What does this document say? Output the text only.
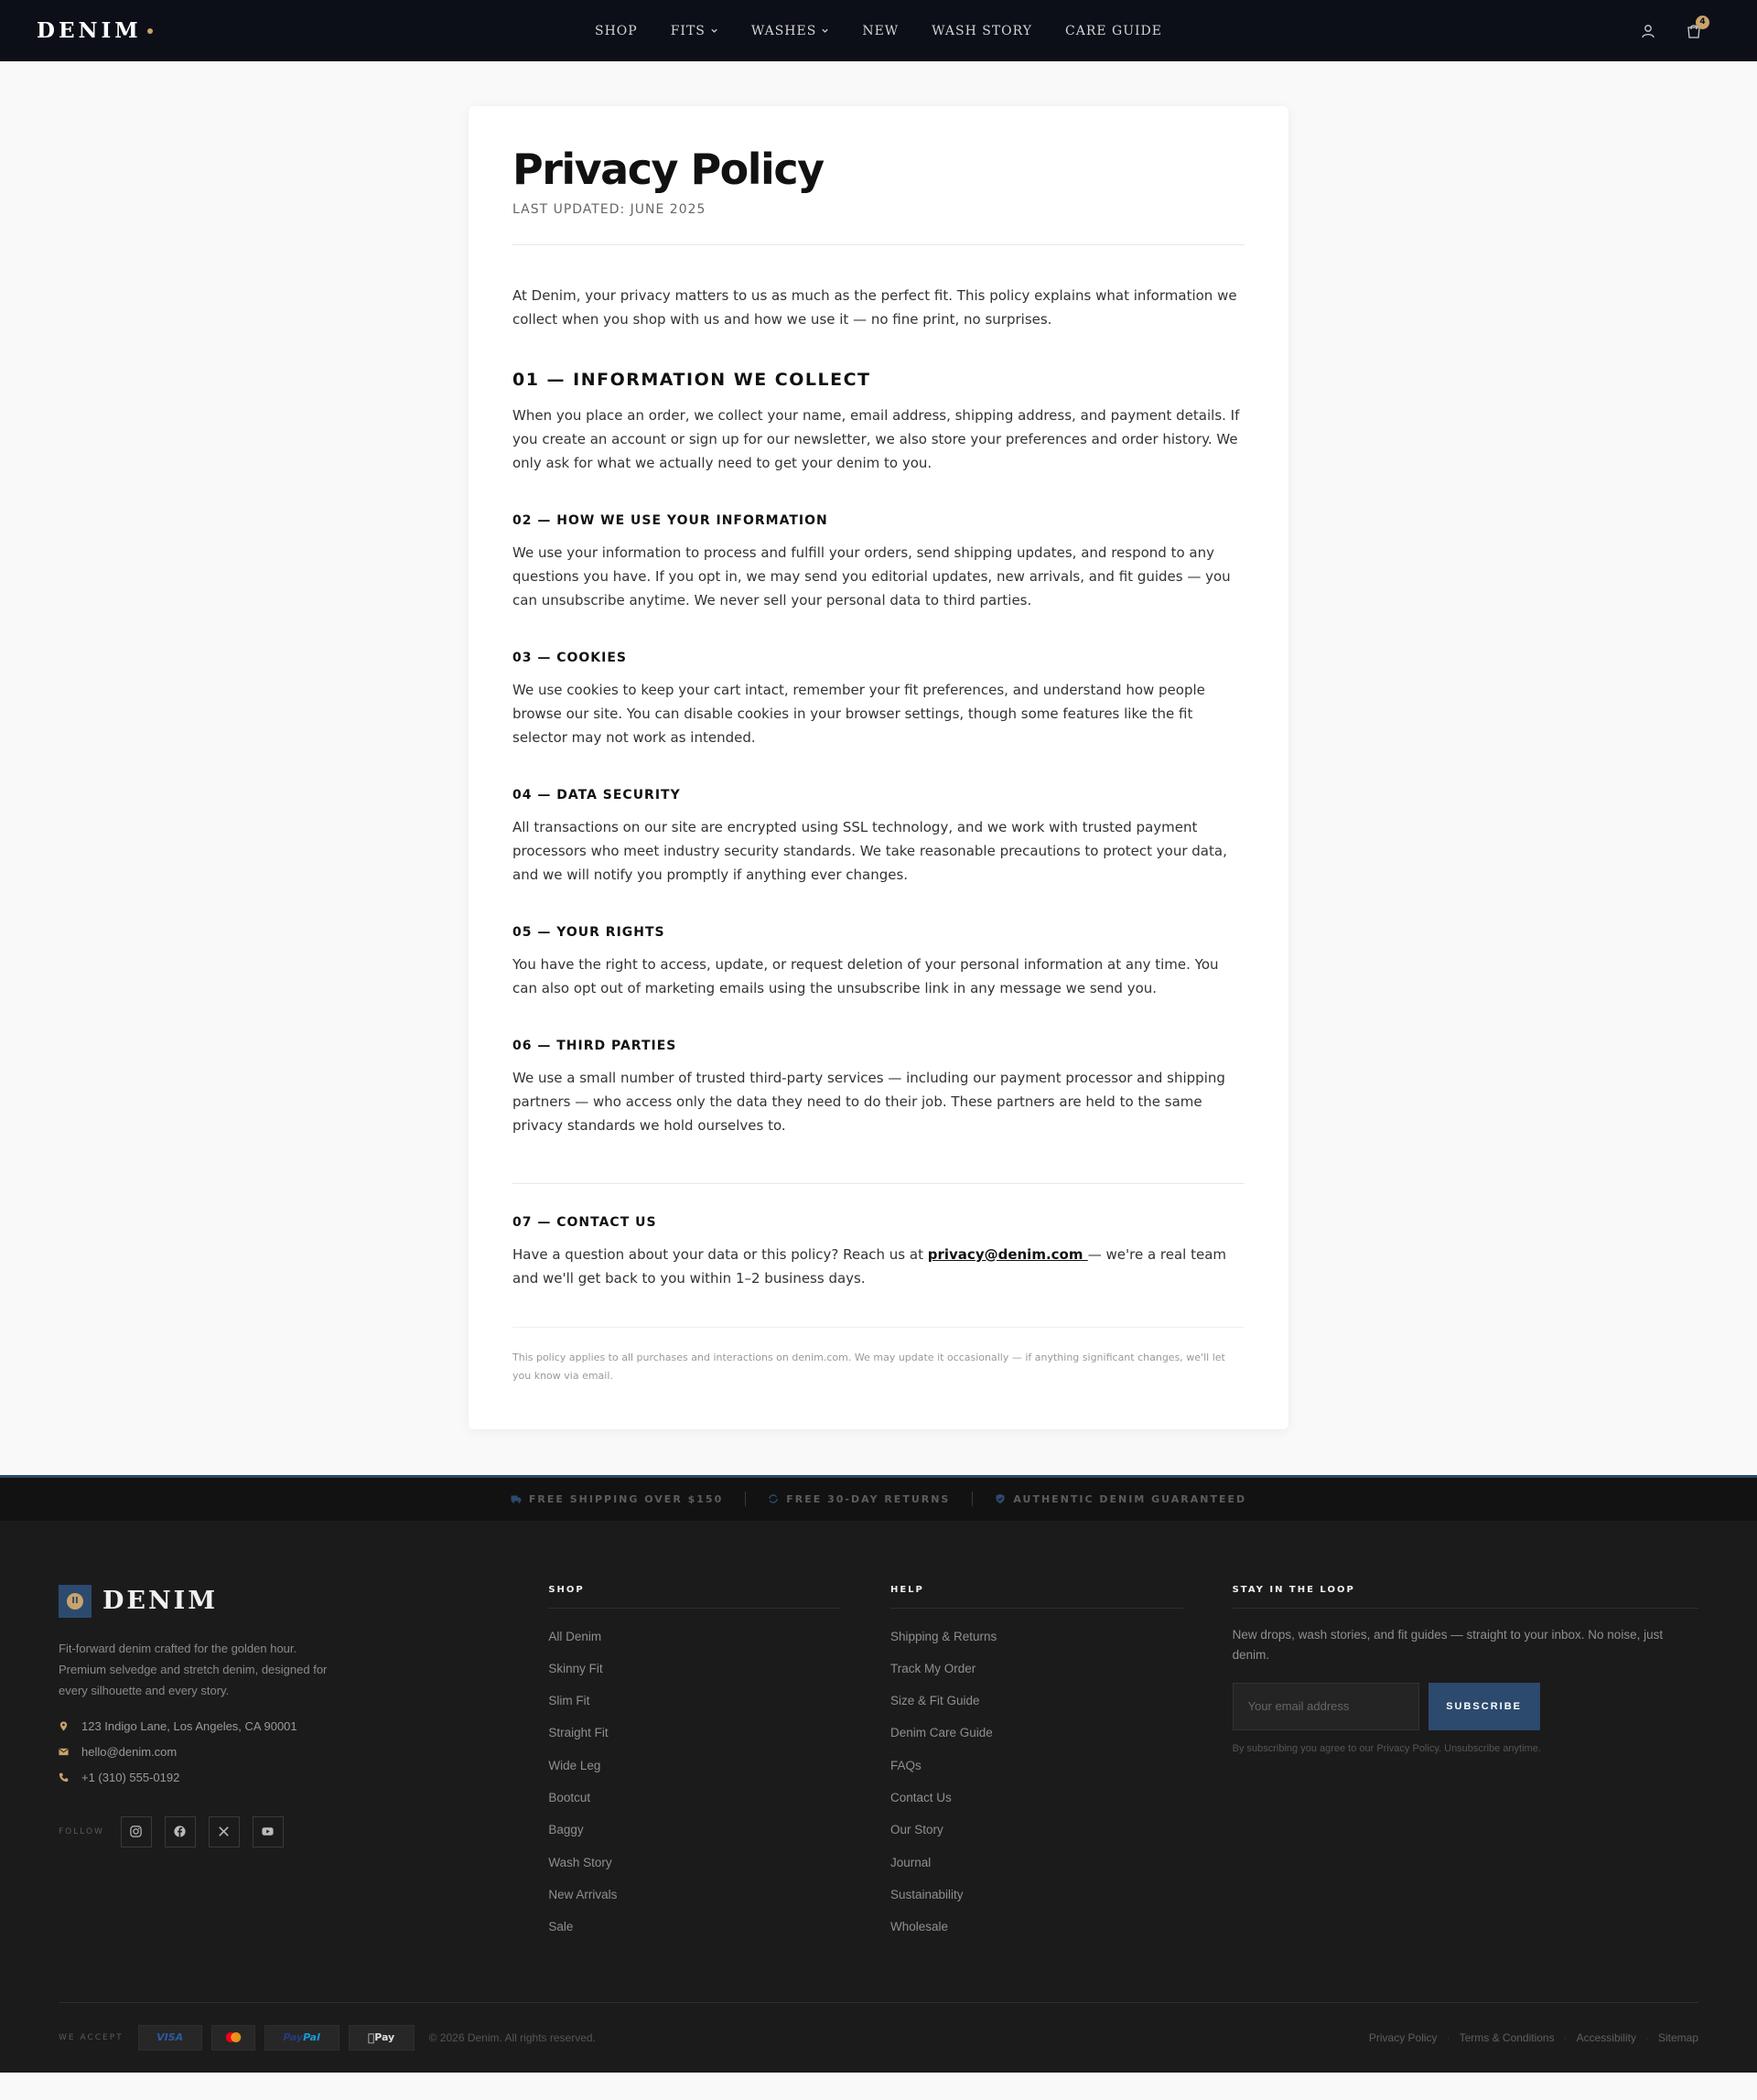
DENIM	SHOP	FITS	WASHES	NEW	WASH STORY	CARE GUIDE
4
Privacy Policy
LAST UPDATED: JUNE 2025

At Denim, your privacy matters to us as much as the perfect fit. This policy explains what information we collect when you shop with us and how we use it — no fine print, no surprises.

01 — INFORMATION WE COLLECT

When you place an order, we collect your name, email address, shipping address, and payment details. If you create an account or sign up for our newsletter, we also store your preferences and order history. We only ask for what we actually need to get your denim to you.

02 — HOW WE USE YOUR INFORMATION

We use your information to process and fulfill your orders, send shipping updates, and respond to any questions you have. If you opt in, we may send you editorial updates, new arrivals, and fit guides — you can unsubscribe anytime. We never sell your personal data to third parties.

03 — COOKIES

We use cookies to keep your cart intact, remember your fit preferences, and understand how people browse our site. You can disable cookies in your browser settings, though some features like the fit selector may not work as intended.

04 — DATA SECURITY

All transactions on our site are encrypted using SSL technology, and we work with trusted payment processors who meet industry security standards. We take reasonable precautions to protect your data, and we will notify you promptly if anything ever changes.

05 — YOUR RIGHTS

You have the right to access, update, or request deletion of your personal information at any time. You can also opt out of marketing emails using the unsubscribe link in any message we send you.

06 — THIRD PARTIES

We use a small number of trusted third-party services — including our payment processor and shipping partners — who access only the data they need to do their job. These partners are held to the same privacy standards we hold ourselves to.

07 — CONTACT US

Have a question about your data or this policy? Reach us at privacy@denim.com — we're a real team and we'll get back to you within 1–2 business days.

This policy applies to all purchases and interactions on denim.com. We may update it occasionally — if anything significant changes, we'll let you know via email.

FREE SHIPPING OVER $150	FREE 30-DAY RETURNS	AUTHENTIC DENIM GUARANTEED
II DENIM

Fit-forward denim crafted for the golden hour. Premium selvedge and stretch denim, designed for every silhouette and every story.

123 Indigo Lane, Los Angeles, CA 90001
hello@denim.com
+1 (310) 555-0192
FOLLOW
SHOP
All Denim
Skinny Fit
Slim Fit
Straight Fit
Wide Leg
Bootcut
Baggy
Wash Story
New Arrivals
Sale
HELP
Shipping & Returns
Track My Order
Size & Fit Guide
Denim Care Guide
FAQs
Contact Us
Our Story
Journal
Sustainability
Wholesale
STAY IN THE LOOP

New drops, wash stories, and fit guides — straight to your inbox. No noise, just denim.

Your email address
SUBSCRIBE
By subscribing you agree to our Privacy Policy. Unsubscribe anytime.
WE ACCEPT	VISA	Pay Pal	Pay	© 2026 Denim. All rights reserved.	Privacy Policy · Terms & Conditions · Accessibility · Sitemap
